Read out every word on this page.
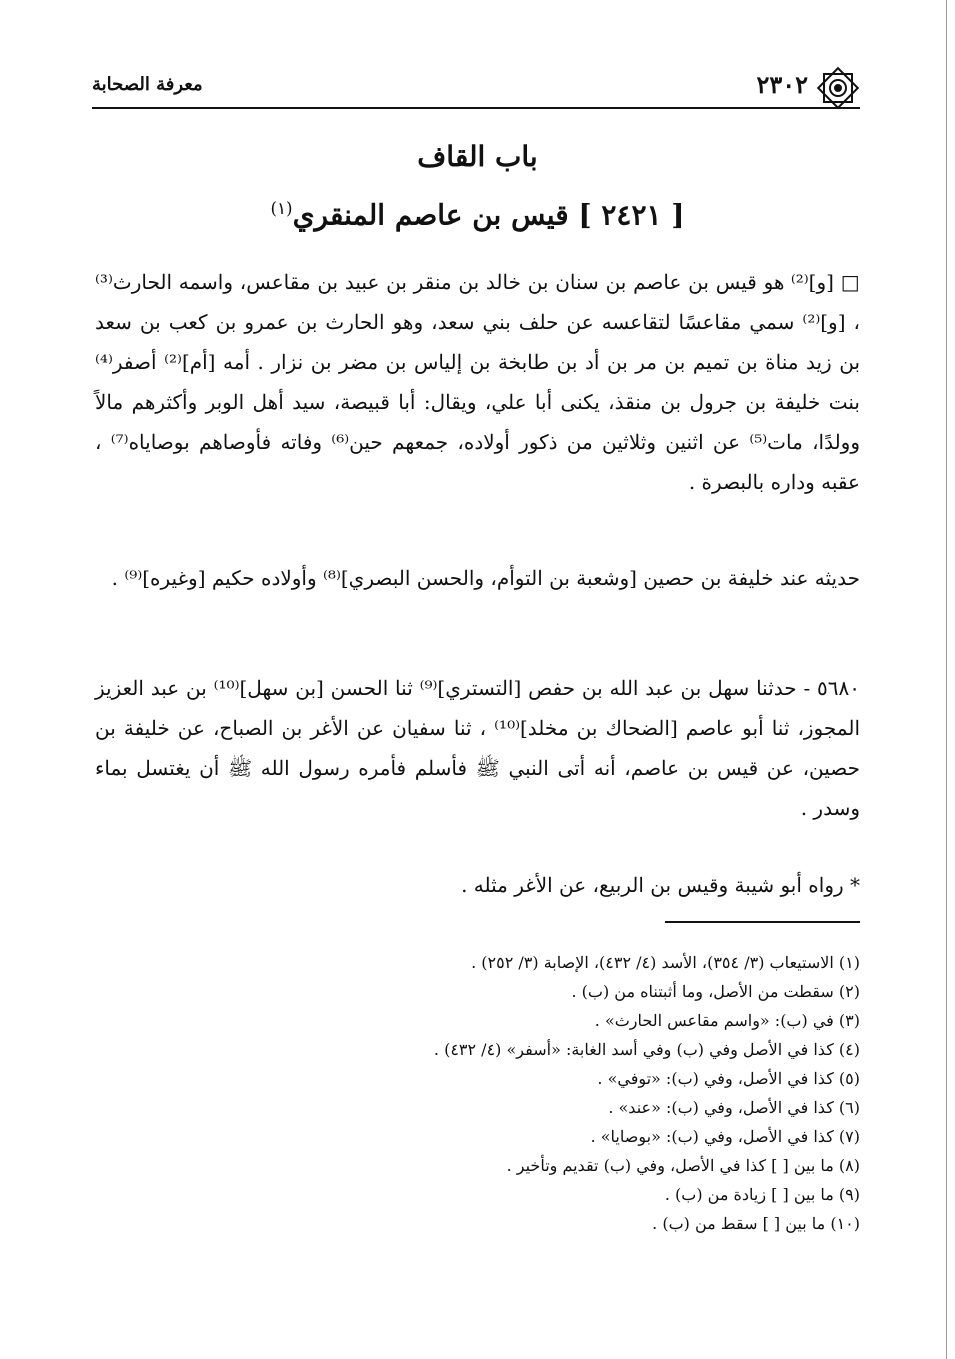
٢٣٠٢
معرفة الصحابة
باب القاف
[ ٢٤٢١ ] قيس بن عاصم المنقري$^{(١)}$

□ [و]⁽²⁾ هو قيس بن عاصم بن سنان بن خالد بن منقر بن عبيد بن مقاعس، واسمه الحارث⁽³⁾ ، [و]⁽²⁾ سمي مقاعسًا لتقاعسه عن حلف بني سعد، وهو الحارث بن عمرو بن كعب بن سعد بن زيد مناة بن تميم بن مر بن أد بن طابخة بن إلياس بن مضر بن نزار . أمه [أم]⁽²⁾ أصفر⁽⁴⁾ بنت خليفة بن جرول بن منقذ، يكنى أبا علي، ويقال: أبا قبيصة، سيد أهل الوبر وأكثرهم مالاً وولدًا، مات⁽⁵⁾ عن اثنين وثلاثين من ذكور أولاده، جمعهم حين⁽⁶⁾ وفاته فأوصاهم بوصاياه⁽⁷⁾ ، عقبه وداره بالبصرة .

حديثه عند خليفة بن حصين [وشعبة بن التوأم، والحسن البصري]⁽⁸⁾ وأولاده حكيم [وغيره]⁽⁹⁾ .

٥٦٨٠ - حدثنا سهل بن عبد الله بن حفص [التستري]⁽⁹⁾ ثنا الحسن [بن سهل]⁽¹⁰⁾ بن عبد العزيز المجوز، ثنا أبو عاصم [الضحاك بن مخلد]⁽¹⁰⁾ ، ثنا سفيان عن الأغر بن الصباح، عن خليفة بن حصين، عن قيس بن عاصم، أنه أتى النبي ﷺ فأسلم فأمره رسول الله ﷺ أن يغتسل بماء وسدر .

* رواه أبو شيبة وقيس بن الربيع، عن الأغر مثله .

(١) الاستيعاب (٣/ ٣٥٤)، الأسد (٤/ ٤٣٢)، الإصابة (٣/ ٢٥٢) .
(٢) سقطت من الأصل، وما أثبتناه من (ب) .
(٣) في (ب): «واسم مقاعس الحارث» .
(٤) كذا في الأصل وفي (ب) وفي أسد الغابة: «أسفر» (٤/ ٤٣٢) .
(٥) كذا في الأصل، وفي (ب): «توفي» .
(٦) كذا في الأصل، وفي (ب): «عند» .
(٧) كذا في الأصل، وفي (ب): «بوصايا» .
(٨) ما بين [ ] كذا في الأصل، وفي (ب) تقديم وتأخير .
(٩) ما بين [ ] زيادة من (ب) .
(١٠) ما بين [ ] سقط من (ب) .
